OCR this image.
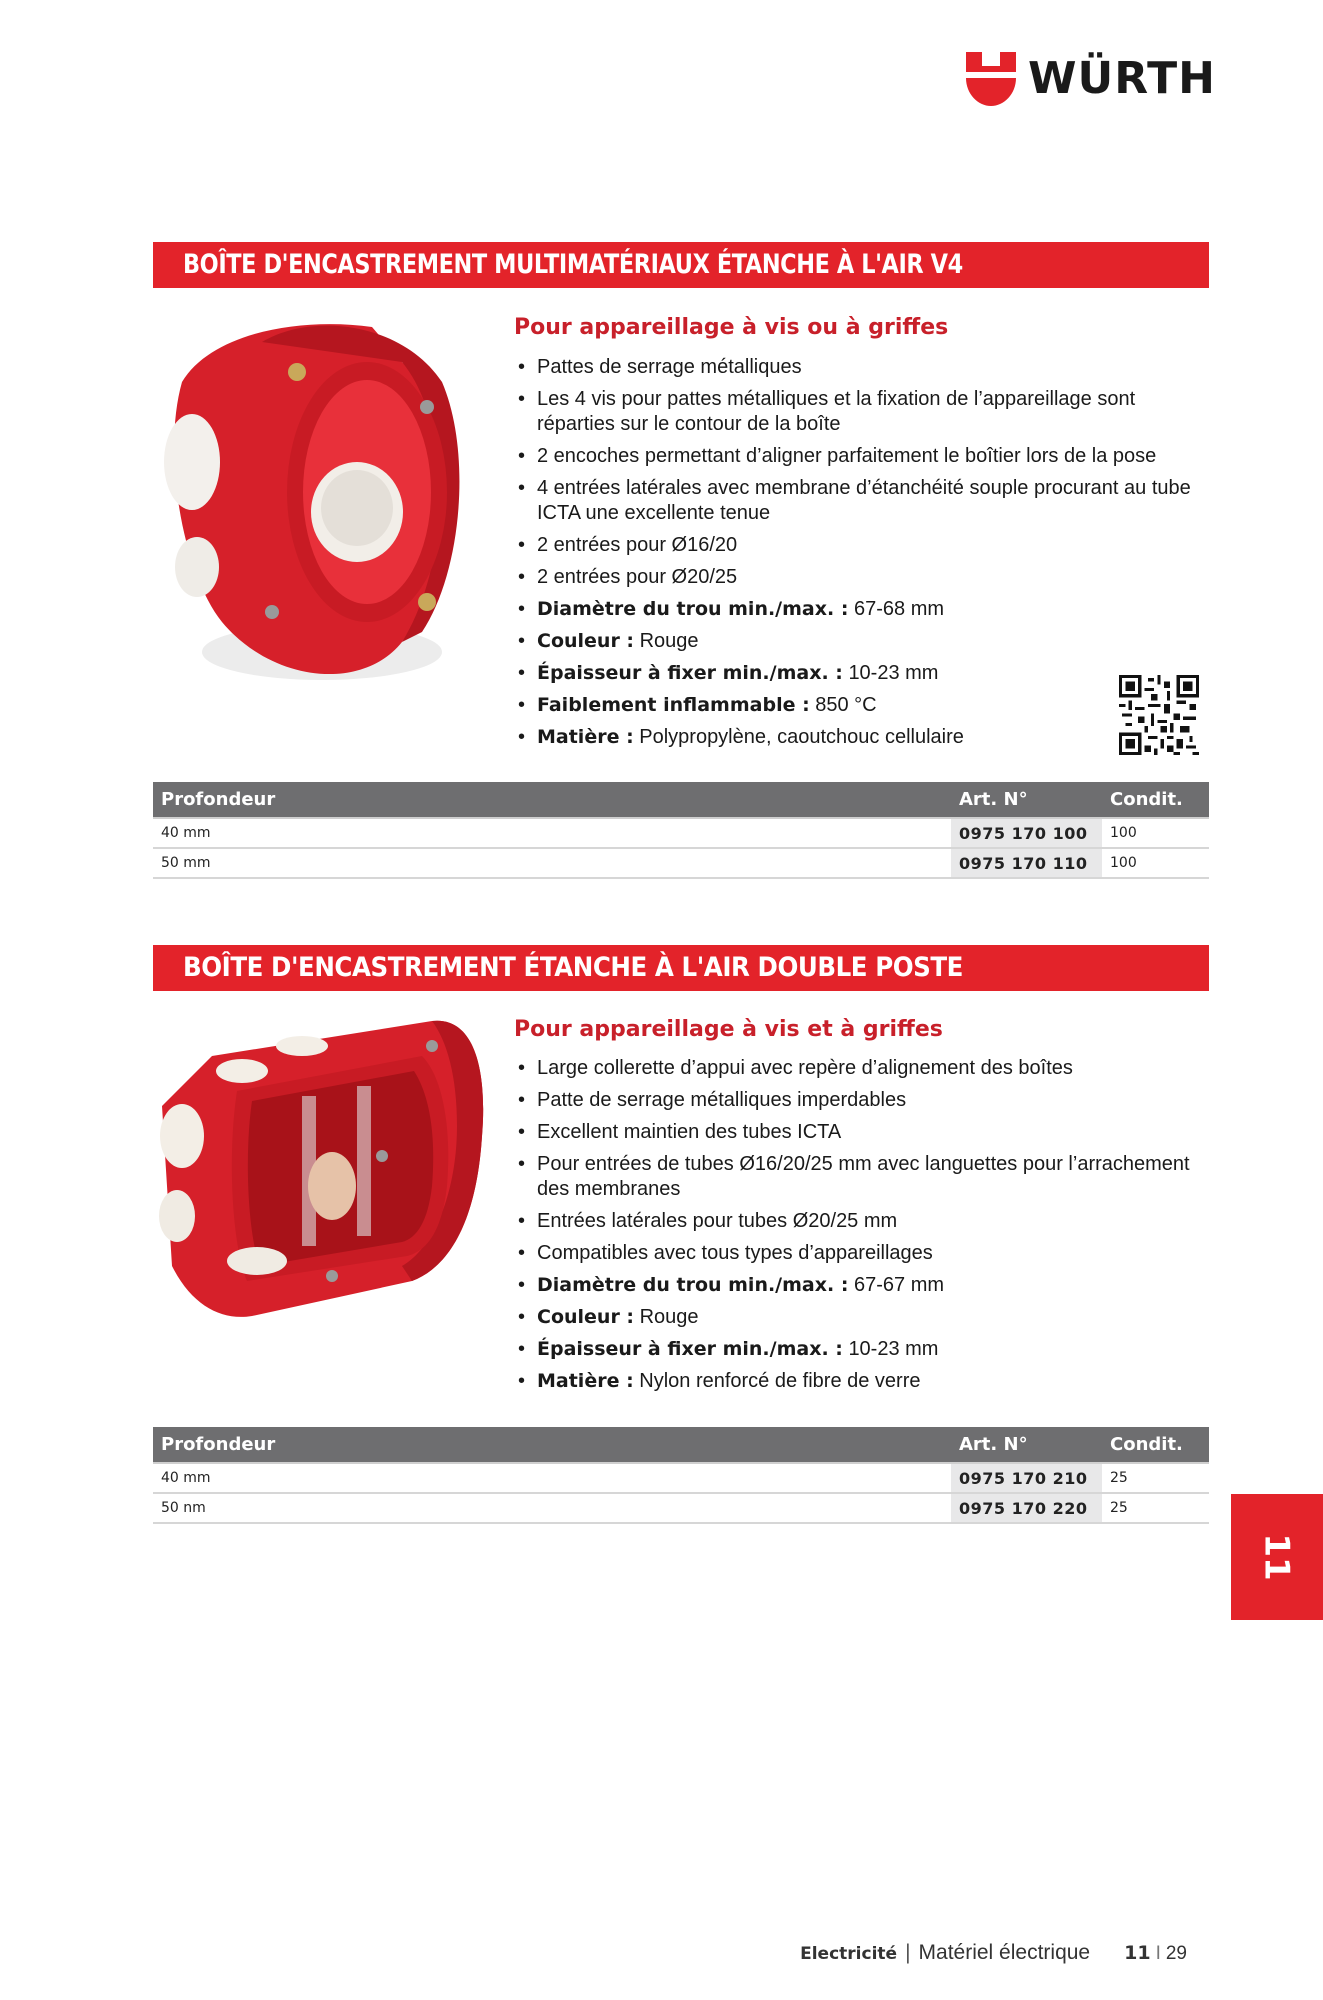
WÜRTH
BOÎTE D'ENCASTREMENT MULTIMATÉRIAUX ÉTANCHE À L'AIR V4
Pour appareillage à vis ou à griffes
• Pattes de serrage métalliques
• Les 4 vis pour pattes métalliques et la fixation de l’appareillage sont réparties sur le contour de la boîte
• 2 encoches permettant d’aligner parfaitement le boîtier lors de la pose
• 4 entrées latérales avec membrane d’étanchéité souple procurant au tube ICTA une excellente tenue
• 2 entrées pour Ø16/20
• 2 entrées pour Ø20/25
• Diamètre du trou min./max. : 67-68 mm
• Couleur : Rouge
• Épaisseur à fixer min./max. : 10-23 mm
• Faiblement inflammable : 850 °C
• Matière : Polypropylène, caoutchouc cellulaire
Profondeur	Art. N°	Condit.
40 mm	0975 170 100	100
50 mm	0975 170 110	100
BOÎTE D'ENCASTREMENT ÉTANCHE À L'AIR DOUBLE POSTE
Pour appareillage à vis et à griffes
• Large collerette d’appui avec repère d’alignement des boîtes
• Patte de serrage métalliques imperdables
• Excellent maintien des tubes ICTA
• Pour entrées de tubes Ø16/20/25 mm avec languettes pour l’arrachement des membranes
• Entrées latérales pour tubes Ø20/25 mm
• Compatibles avec tous types d’appareillages
• Diamètre du trou min./max. : 67-67 mm
• Couleur : Rouge
• Épaisseur à fixer min./max. : 10-23 mm
• Matière : Nylon renforcé de fibre de verre
Profondeur	Art. N°	Condit.
40 mm	0975 170 210	25
50 nm	0975 170 220	25
11
Electricité | Matériel électrique 11 I 29
